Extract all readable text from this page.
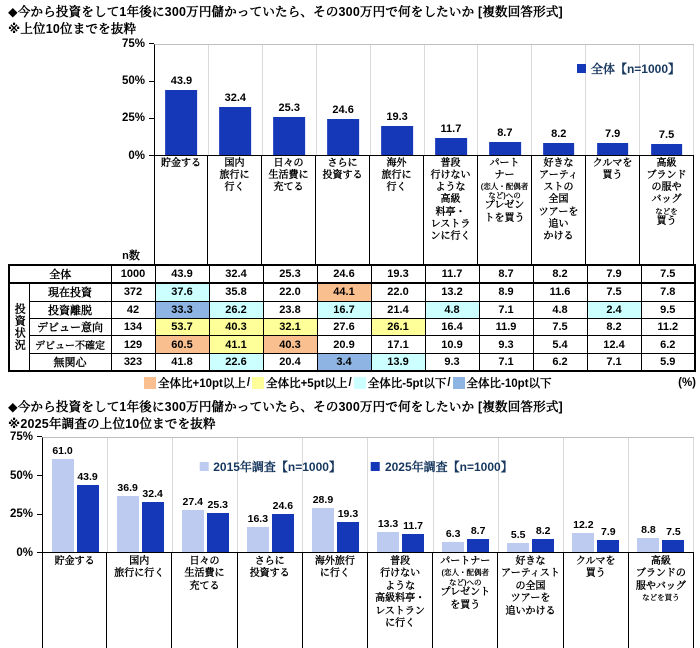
◆今から投資をして1年後に300万円儲かっていたら、その300万円で何をしたいか [複数回答形式]
※上位10位までを抜粋
75%
50%
25%
0%
43.9
32.4
25.3	24.6
19.3
11.7	8.7	8.2	7.9	7.5
全体【n=1000】
n数
貯金する	国内
旅行に
行く
日々の
生活費に
充てる
さらに
投資する
海外
旅行に
行く
普段
行けない
ような
高級
料亭・
レストラ
ンに行く
パート
ナー
(恋人・配偶者
など)への
プレゼン
トを買う
好きな
アーティ
ストの
全国
ツアーを
追い
かける
クルマを
買う
高級
ブランド
の服や
バッグ
などを
買う
全体		1000	43.9	32.4	25.3	24.6	19.3	11.7	8.7	8.2	7.9	7.5
投資状況	現在投資	372	37.6	35.8	22.0	44.1	22.0	13.2	8.9	11.6	7.5	7.8
	投資離脱	42	33.3	26.2	23.8	16.7	21.4	4.8	7.1	4.8	2.4	9.5
	デビュー意向	134	53.7	40.3	32.1	27.6	26.1	16.4	11.9	7.5	8.2	11.2
	デビュー不確定	129	60.5	41.1	40.3	20.9	17.1	10.9	9.3	5.4	12.4	6.2
	無関心	323	41.8	22.6	20.4	3.4	13.9	9.3	7.1	6.2	7.1	5.9
全体比+10pt以上 / 全体比+5pt以上 / 全体比-5pt以下 / 全体比-10pt以下	(%)
◆今から投資をして1年後に300万円儲かっていたら、その300万円で何をしたいか [複数回答形式]
※2025年調査の上位10位までを抜粋
75%
50%
25%
0%
61.0
43.9
36.9
32.4
27.4 25.3
16.3
24.6
28.9
19.3
13.3 11.7
6.3 8.7 5.5 8.2
12.2
7.9 8.8 7.5
2015年調査【n=1000】	2025年調査【n=1000】
貯金する	国内
旅行に行く
日々の
生活費に
充てる
さらに
投資する
海外旅行
に行く
普段
行けない
ような
高級料亭・
レストラン
に行く
パートナー
(恋人・配偶者
など)への
プレゼント
を買う
好きな
アーティスト
の全国
ツアーを
追いかける
クルマを
買う
高級
ブランドの
服やバッグ
などを買う
